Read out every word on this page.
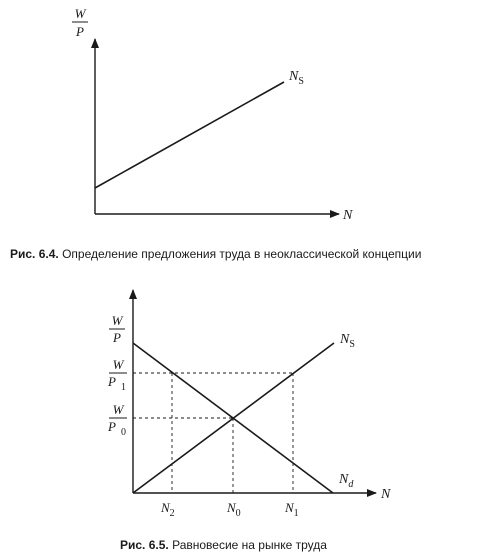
W
P
N
$N_S$
Рис. 6.4. Определение предложения труда в неоклассической концепции
W
P
W
P 1
W
P 0
$N_S$
$N_d$
N
$N_2$	$N_0$	$N_1$
Рис. 6.5. Равновесие на рынке труда
